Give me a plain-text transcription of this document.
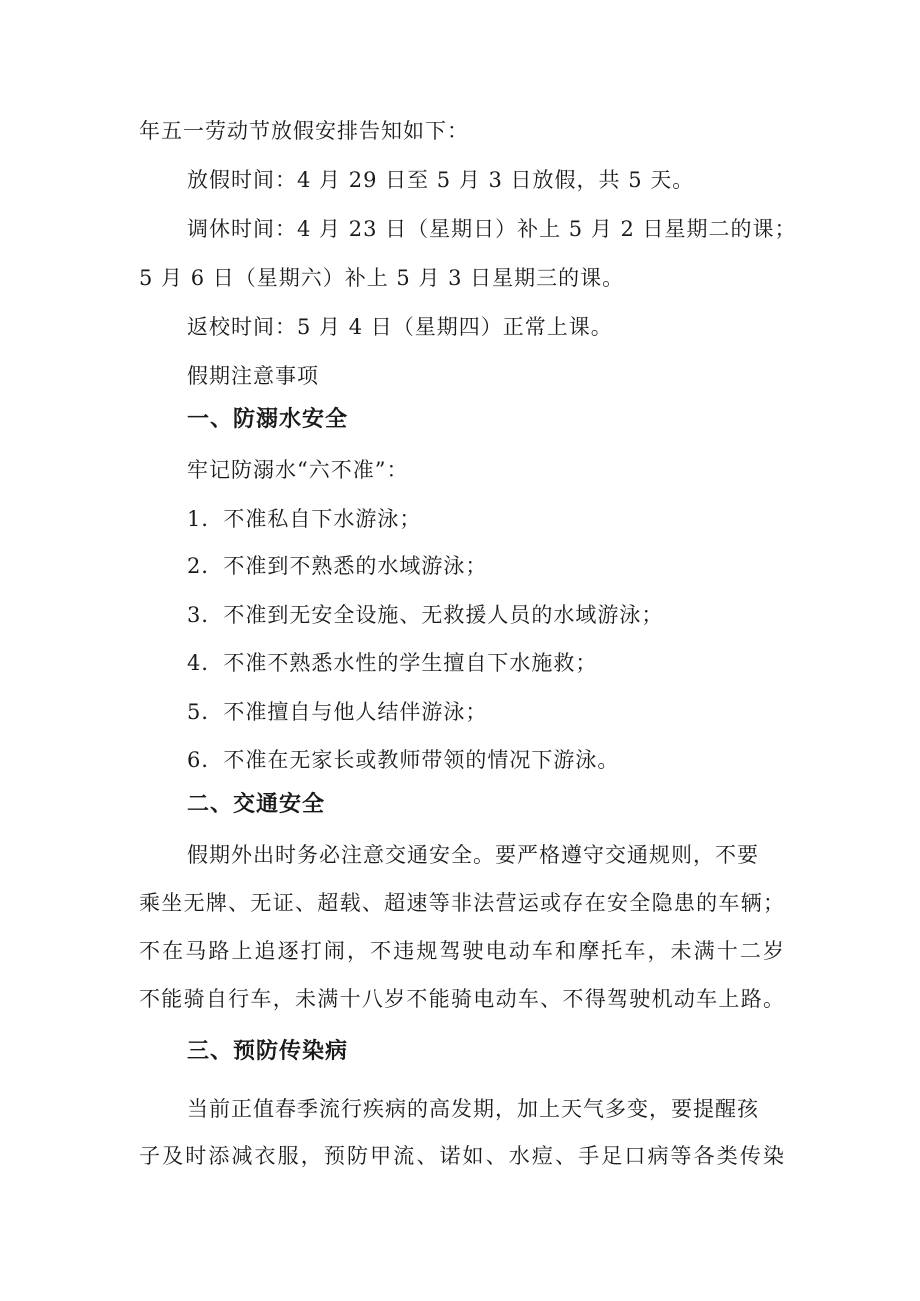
年五一劳动节放假安排告知如下：
放假时间：4 月 29 日至 5 月 3 日放假，共 5 天。
调休时间：4 月 23 日（星期日）补上 5 月 2 日星期二的课；
5 月 6 日（星期六）补上 5 月 3 日星期三的课。
返校时间：5 月 4 日（星期四）正常上课。
假期注意事项
一、防溺水安全
牢记防溺水“六不准”：
1．不准私自下水游泳；
2．不准到不熟悉的水域游泳；
3．不准到无安全设施、无救援人员的水域游泳；
4．不准不熟悉水性的学生擅自下水施救；
5．不准擅自与他人结伴游泳；
6．不准在无家长或教师带领的情况下游泳。
二、交通安全
假期外出时务必注意交通安全。要严格遵守交通规则，不要
乘坐无牌、无证、超载、超速等非法营运或存在安全隐患的车辆；
不在马路上追逐打闹，不违规驾驶电动车和摩托车，未满十二岁
不能骑自行车，未满十八岁不能骑电动车、不得驾驶机动车上路。
三、预防传染病
当前正值春季流行疾病的高发期，加上天气多变，要提醒孩
子及时添减衣服，预防甲流、诺如、水痘、手足口病等各类传染
